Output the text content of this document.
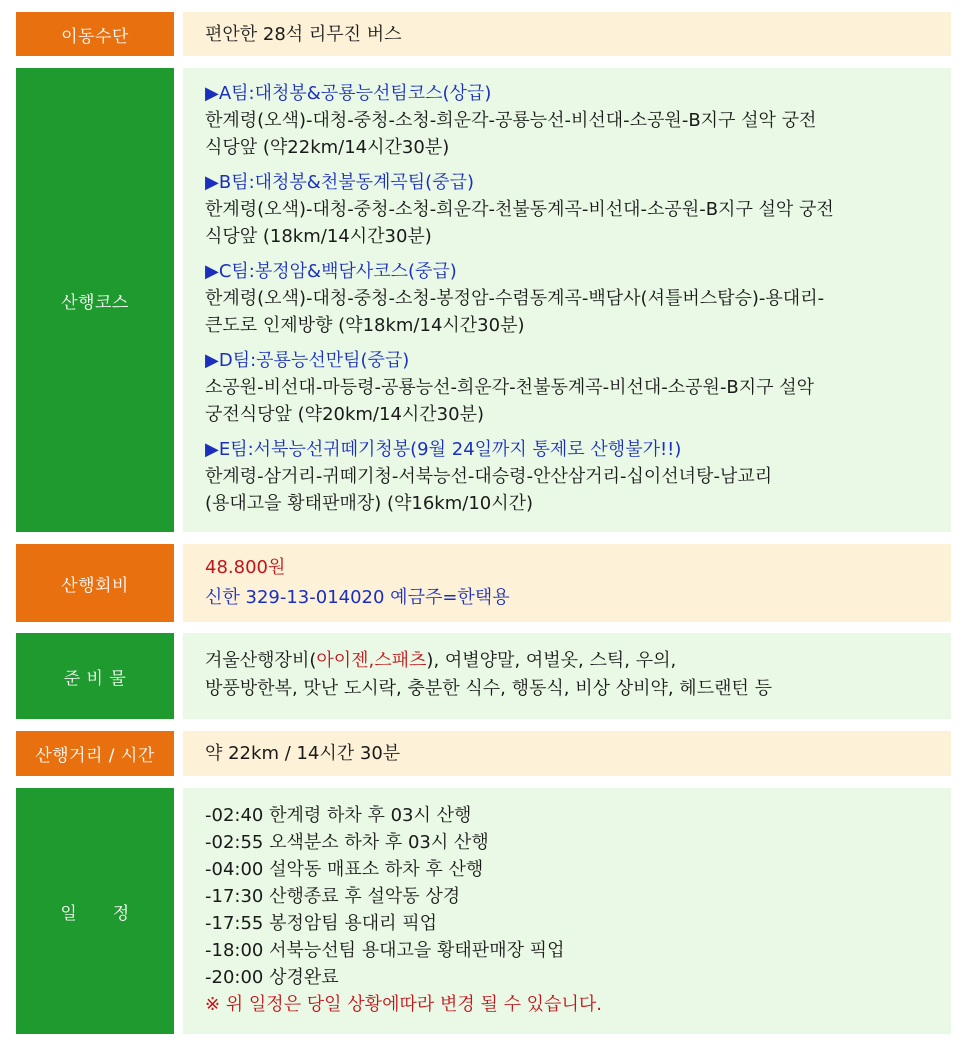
이동수단	편안한 28석 리무진 버스
산행코스
▶A팀:대청봉&공룡능선팀코스(상급)
한계령(오색)-대청-중청-소청-희운각-공룡능선-비선대-소공원-B지구 설악 궁전
식당앞 (약22km/14시간30분)
▶B팀:대청봉&천불동계곡팀(중급)
한계령(오색)-대청-중청-소청-희운각-천불동계곡-비선대-소공원-B지구 설악 궁전
식당앞 (18km/14시간30분)
▶C팀:봉정암&백담사코스(중급)
한계령(오색)-대청-중청-소청-봉정암-수렴동계곡-백담사(셔틀버스탑승)-용대리-
큰도로 인제방향 (약18km/14시간30분)
▶D팀:공룡능선만팀(중급)
소공원-비선대-마등령-공룡능선-희운각-천불동계곡-비선대-소공원-B지구 설악
궁전식당앞 (약20km/14시간30분)
▶E팀:서북능선귀떼기청봉(9월 24일까지 통제로 산행불가!!)
한계령-삼거리-귀떼기청-서북능선-대승령-안산삼거리-십이선녀탕-남교리
(용대고을 황태판매장) (약16km/10시간)
산행회비
48.800원
신한 329-13-014020 예금주=한택용
준 비 물
겨울산행장비(아이젠,스패츠), 여별양말, 여벌옷, 스틱, 우의,
방풍방한복, 맛난 도시락, 충분한 식수, 행동식, 비상 상비약, 헤드랜턴 등
산행거리 / 시간	약 22km / 14시간 30분
일      정
-02:40 한계령 하차 후 03시 산행
-02:55 오색분소 하차 후 03시 산행
-04:00 설악동 매표소 하차 후 산행
-17:30 산행종료 후 설악동 상경
-17:55 봉정암팀 용대리 픽업
-18:00 서북능선팀 용대고을 황태판매장 픽업
-20:00 상경완료
※ 위 일정은 당일 상황에따라 변경 될 수 있습니다.
